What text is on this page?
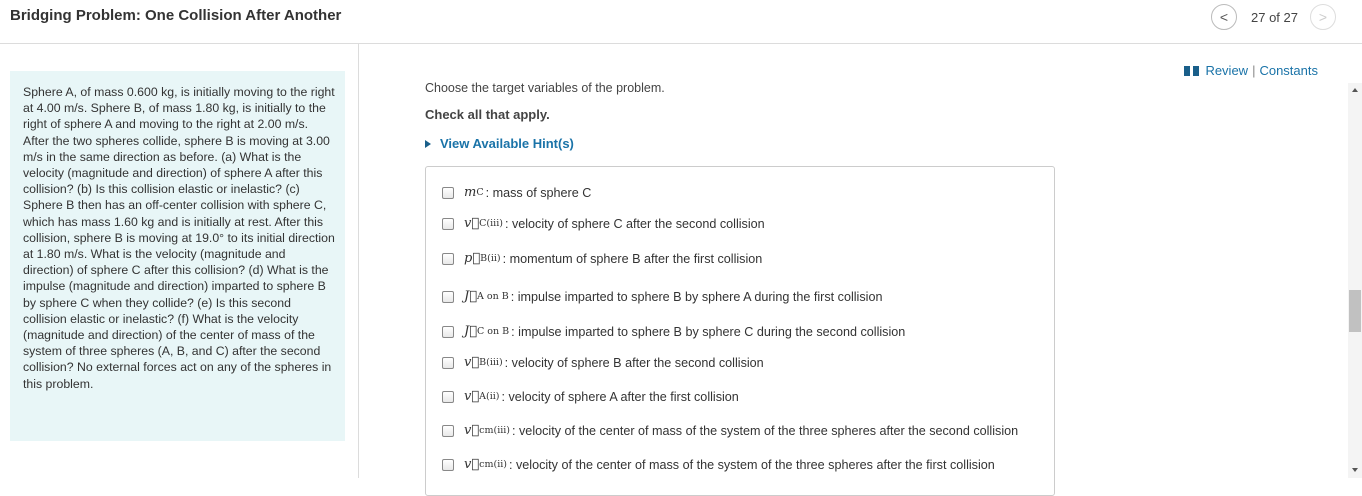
Bridging Problem: One Collision After Another	< 27 of 27 >

Sphere A, of mass 0.600 kg, is initially moving to the right at 4.00 m/s. Sphere B, of mass 1.80 kg, is initially to the right of sphere A and moving to the right at 2.00 m/s. After the two spheres collide, sphere B is moving at 3.00 m/s in the same direction as before. (a) What is the velocity (magnitude and direction) of sphere A after this collision? (b) Is this collision elastic or inelastic? (c) Sphere B then has an off-center collision with sphere C, which has mass 1.60 kg and is initially at rest. After this collision, sphere B is moving at 19.0° to its initial direction at 1.80 m/s. What is the velocity (magnitude and direction) of sphere C after this collision? (d) What is the impulse (magnitude and direction) imparted to sphere B by sphere C when they collide? (e) Is this second collision elastic or inelastic? (f) What is the velocity (magnitude and direction) of the center of mass of the system of three spheres (A, B, and C) after the second collision? No external forces act on any of the spheres in this problem.

Review | Constants
Choose the target variables of the problem.
Check all that apply.
View Available Hint(s)
m C : mass of sphere C
v⃗ C(iii) : velocity of sphere C after the second collision
p⃗ B(ii) : momentum of sphere B after the first collision
J⃗ A on B : impulse imparted to sphere B by sphere A during the first collision
J⃗ C on B : impulse imparted to sphere B by sphere C during the second collision
v⃗ B(iii) : velocity of sphere B after the second collision
v⃗ A(ii) : velocity of sphere A after the first collision
v⃗ cm(iii) : velocity of the center of mass of the system of the three spheres after the second collision
v⃗ cm(ii) : velocity of the center of mass of the system of the three spheres after the first collision
